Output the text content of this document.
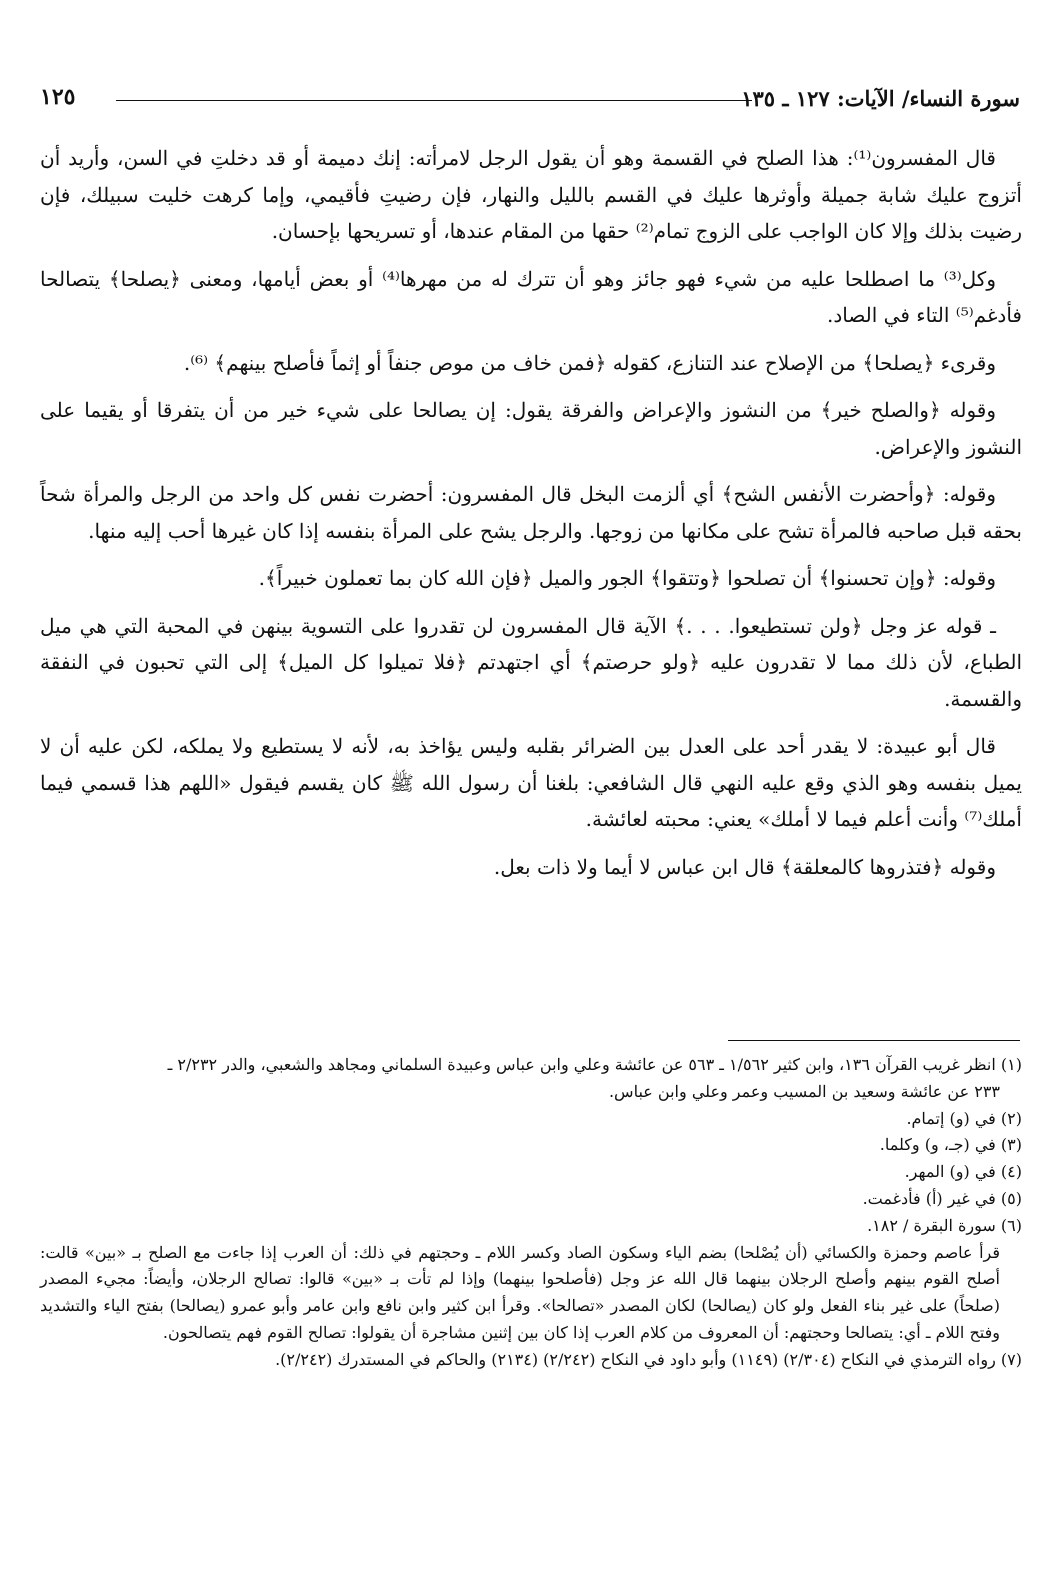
سورة النساء/ الآيات: ١٢٧ ـ ١٣٥
١٢٥

قال المفسرون⁽¹⁾: هذا الصلح في القسمة وهو أن يقول الرجل لامرأته: إنك دميمة أو قد دخلتِ في السن، وأريد أن أتزوج عليك شابة جميلة وأوثرها عليك في القسم بالليل والنهار، فإن رضيتِ فأقيمي، وإما كرهت خليت سبيلك، فإن رضيت بذلك وإلا كان الواجب على الزوج تمام⁽²⁾ حقها من المقام عندها، أو تسريحها بإحسان.

وكل⁽³⁾ ما اصطلحا عليه من شيء فهو جائز وهو أن تترك له من مهرها⁽⁴⁾ أو بعض أيامها، ومعنى ﴿يصلحا﴾ يتصالحا فأدغم⁽⁵⁾ التاء في الصاد.

وقرىء ﴿يصلحا﴾ من الإصلاح عند التنازع، كقوله ﴿فمن خاف من موص جنفاً أو إثماً فأصلح بينهم﴾ ⁽⁶⁾.

وقوله ﴿والصلح خير﴾ من النشوز والإعراض والفرقة يقول: إن يصالحا على شيء خير من أن يتفرقا أو يقيما على النشوز والإعراض.

وقوله: ﴿وأحضرت الأنفس الشح﴾ أي ألزمت البخل قال المفسرون: أحضرت نفس كل واحد من الرجل والمرأة شحاً بحقه قبل صاحبه فالمرأة تشح على مكانها من زوجها. والرجل يشح على المرأة بنفسه إذا كان غيرها أحب إليه منها.

وقوله: ﴿وإن تحسنوا﴾ أن تصلحوا ﴿وتتقوا﴾ الجور والميل ﴿فإن الله كان بما تعملون خبيراً﴾.

ـ قوله عز وجل ﴿ولن تستطيعوا. . . .﴾ الآية قال المفسرون لن تقدروا على التسوية بينهن في المحبة التي هي ميل الطباع، لأن ذلك مما لا تقدرون عليه ﴿ولو حرصتم﴾ أي اجتهدتم ﴿فلا تميلوا كل الميل﴾ إلى التي تحبون في النفقة والقسمة.

قال أبو عبيدة: لا يقدر أحد على العدل بين الضرائر بقلبه وليس يؤاخذ به، لأنه لا يستطيع ولا يملكه، لكن عليه أن لا يميل بنفسه وهو الذي وقع عليه النهي قال الشافعي: بلغنا أن رسول الله ﷺ كان يقسم فيقول «اللهم هذا قسمي فيما أملك⁽⁷⁾ وأنت أعلم فيما لا أملك» يعني: محبته لعائشة.

وقوله ﴿فتذروها كالمعلقة﴾ قال ابن عباس لا أيما ولا ذات بعل.

(١) انظر غريب القرآن ١٣٦، وابن كثير ١/٥٦٢ ـ ٥٦٣ عن عائشة وعلي وابن عباس وعبيدة السلماني ومجاهد والشعبي، والدر ٢/٢٣٢ ـ

٢٣٣ عن عائشة وسعيد بن المسيب وعمر وعلي وابن عباس.

(٢) في (و) إتمام.

(٣) في (جـ، و) وكلما.

(٤) في (و) المهر.

(٥) في غير (أ) فأدغمت.

(٦) سورة البقرة / ١٨٢.

قرأ عاصم وحمزة والكسائي (أن يُصْلحا) بضم الياء وسكون الصاد وكسر اللام ـ وحجتهم في ذلك: أن العرب إذا جاءت مع الصلح بـ «بين» قالت: أصلح القوم بينهم وأصلح الرجلان بينهما قال الله عز وجل (فأصلحوا بينهما) وإذا لم تأت بـ «بين» قالوا: تصالح الرجلان، وأيضاً: مجيء المصدر (صلحاً) على غير بناء الفعل ولو كان (يصالحا) لكان المصدر «تصالحا». وقرأ ابن كثير وابن نافع وابن عامر وأبو عمرو (يصالحا) بفتح الياء والتشديد وفتح اللام ـ أي: يتصالحا وحجتهم: أن المعروف من كلام العرب إذا كان بين إثنين مشاجرة أن يقولوا: تصالح القوم فهم يتصالحون.

(٧) رواه الترمذي في النكاح (٢/٣٠٤) (١١٤٩) وأبو داود في النكاح (٢/٢٤٢) (٢١٣٤) والحاكم في المستدرك (٢/٢٤٢).
